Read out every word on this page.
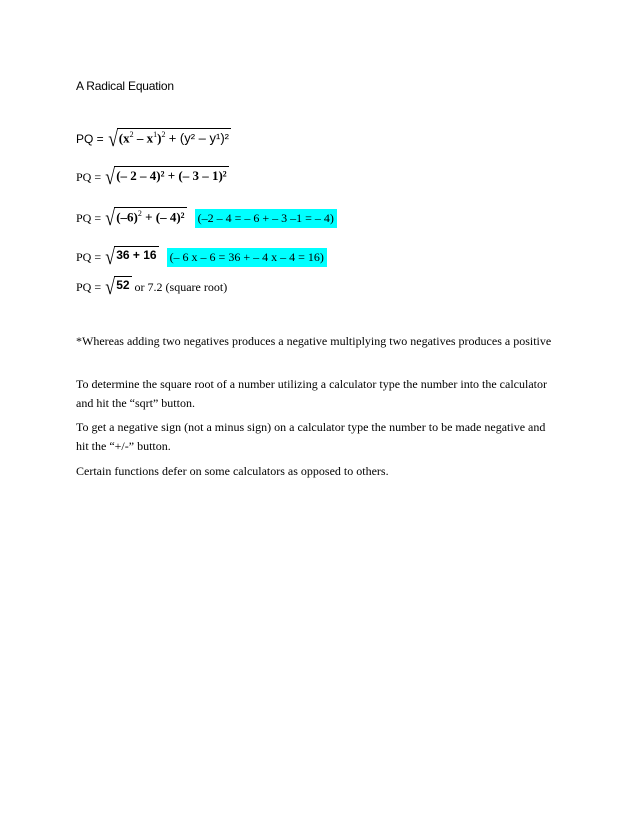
A Radical Equation
PQ = √ $(x^2 - x^1)^2 + (y^2 - y^1)^2$
PQ = √ (– 2 – 4)² + (– 3 – 1)²
PQ = √ $(-6)^2$ + (– 4)² (–2 – 4 = – 6 + – 3 –1 = – 4)
PQ = √ 36 + 16 (– 6 x – 6 = 36 + – 4 x – 4 = 16)
PQ = √ 52 or 7.2 (square root)
*Whereas adding two negatives produces a negative multiplying two negatives produces a positive
To determine the square root of a number utilizing a calculator type the number into the calculator and hit the “sqrt” button.
To get a negative sign (not a minus sign) on a calculator type the number to be made negative and hit the “+/-” button.
Certain functions defer on some calculators as opposed to others.
